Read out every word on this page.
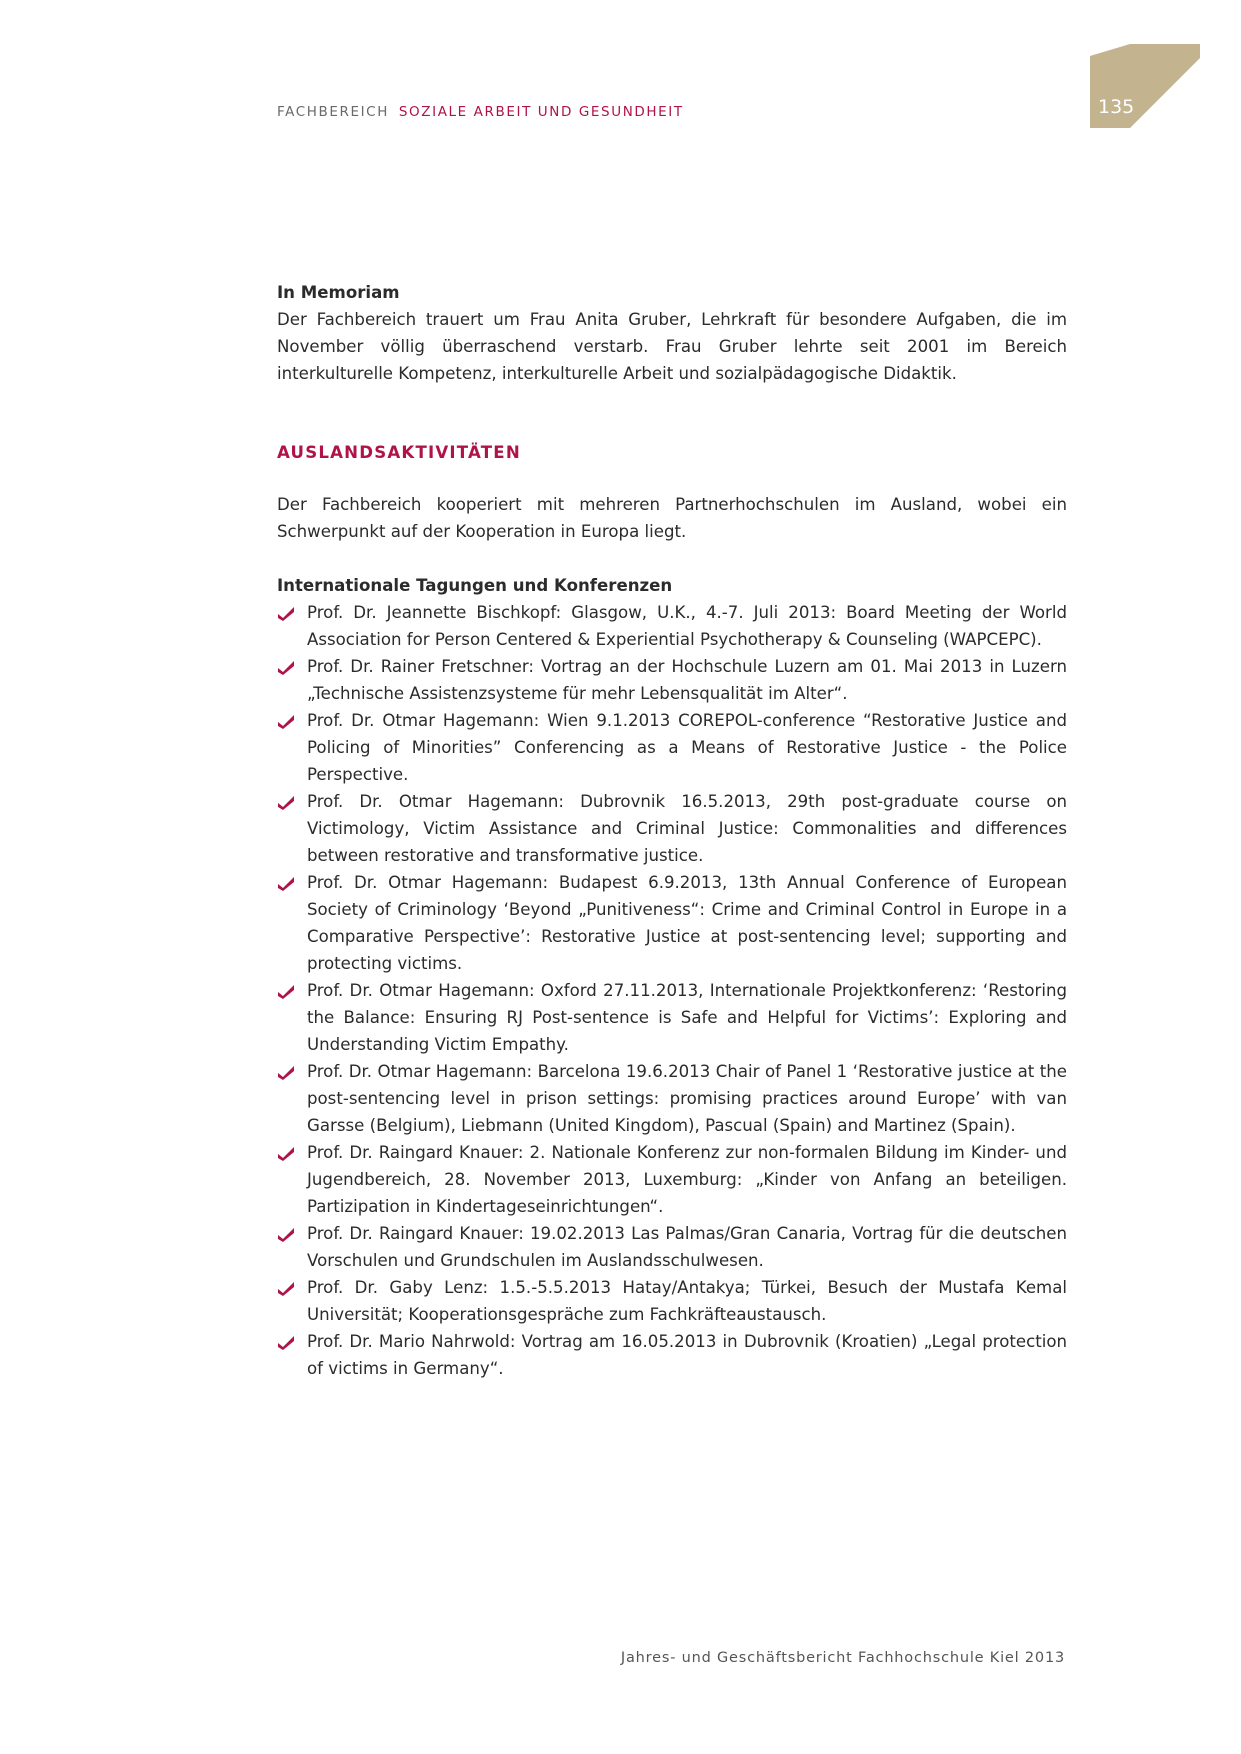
FACHBEREICH SOZIALE ARBEIT UND GESUNDHEIT	135
In Memoriam
Der Fachbereich trauert um Frau Anita Gruber, Lehrkraft für besondere Aufgaben, die im November völlig überraschend verstarb. Frau Gruber lehrte seit 2001 im Bereich interkulturelle Kompetenz, interkulturelle Arbeit und sozialpädagogische Didaktik.
AUSLANDSAKTIVITÄTEN
Der Fachbereich kooperiert mit mehreren Partnerhochschulen im Ausland, wobei ein Schwerpunkt auf der Kooperation in Europa liegt.
Internationale Tagungen und Konferenzen
Prof. Dr. Jeannette Bischkopf: Glasgow, U.K., 4.-7. Juli 2013: Board Meeting der World Association for Person Centered & Experiential Psychotherapy & Counseling (WAPCEPC).
Prof. Dr. Rainer Fretschner: Vortrag an der Hochschule Luzern am 01. Mai 2013 in Luzern „Technische Assistenzsysteme für mehr Lebensqualität im Alter“.
Prof. Dr. Otmar Hagemann: Wien 9.1.2013 COREPOL-conference “Restorative Justice and Policing of Minorities” Conferencing as a Means of Restorative Justice - the Police Perspective.
Prof. Dr. Otmar Hagemann: Dubrovnik 16.5.2013, 29th post-graduate course on Victimology, Victim Assistance and Criminal Justice: Commonalities and differences between restorative and transformative justice.
Prof. Dr. Otmar Hagemann: Budapest 6.9.2013, 13th Annual Conference of European Society of Criminology ‘Beyond „Punitiveness“: Crime and Criminal Control in Europe in a Comparative Perspective’: Restorative Justice at post-sentencing level; supporting and protecting victims.
Prof. Dr. Otmar Hagemann: Oxford 27.11.2013, Internationale Projektkonferenz: ‘Restoring the Balance: Ensuring RJ Post-sentence is Safe and Helpful for Victims’: Exploring and Understanding Victim Empathy.
Prof. Dr. Otmar Hagemann: Barcelona 19.6.2013 Chair of Panel 1 ‘Restorative justice at the post-sentencing level in prison settings: promising practices around Europe’ with van Garsse (Belgium), Liebmann (United Kingdom), Pascual (Spain) and Martinez (Spain).
Prof. Dr. Raingard Knauer: 2. Nationale Konferenz zur non-formalen Bildung im Kinder- und Jugendbereich, 28. November 2013, Luxemburg: „Kinder von Anfang an beteiligen. Partizipation in Kindertageseinrichtungen“.
Prof. Dr. Raingard Knauer: 19.02.2013 Las Palmas/Gran Canaria, Vortrag für die deutschen Vorschulen und Grundschulen im Auslandsschulwesen.
Prof. Dr. Gaby Lenz: 1.5.-5.5.2013 Hatay/Antakya; Türkei, Besuch der Mustafa Kemal Universität; Kooperationsgespräche zum Fachkräfteaustausch.
Prof. Dr. Mario Nahrwold: Vortrag am 16.05.2013 in Dubrovnik (Kroatien) „Legal protection of victims in Germany“.
Jahres- und Geschäftsbericht Fachhochschule Kiel 2013
